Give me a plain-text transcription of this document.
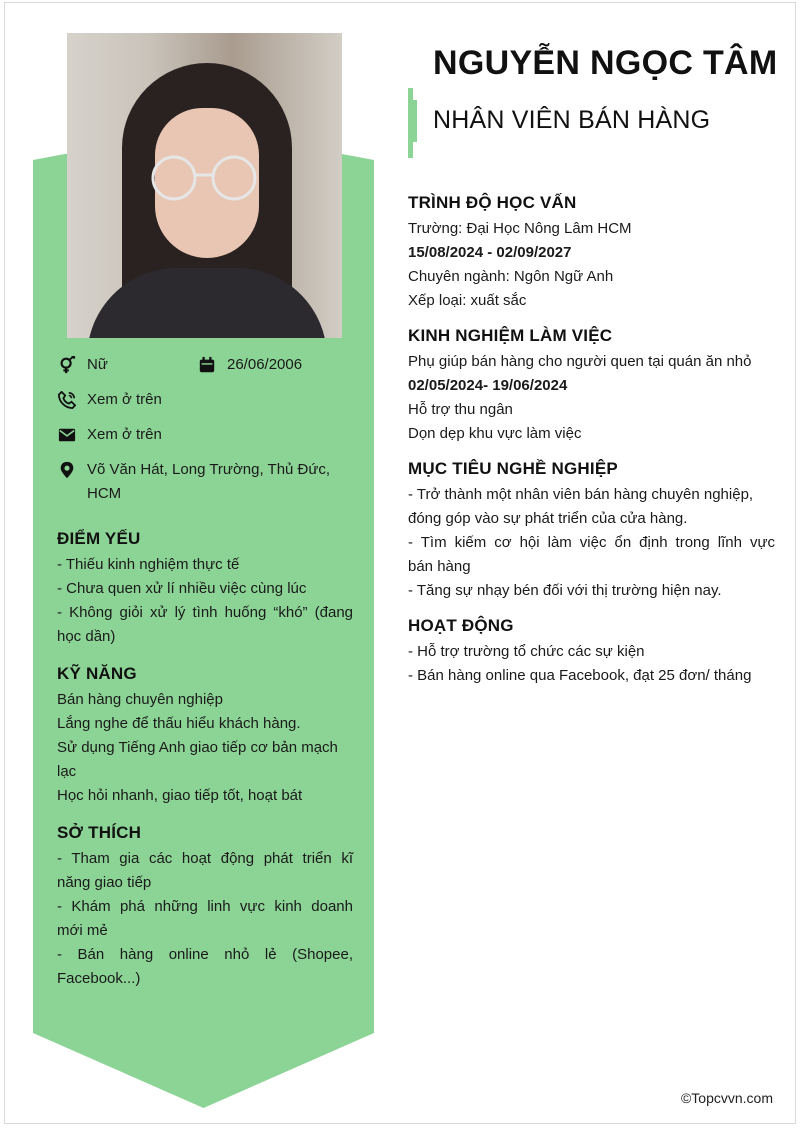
Nữ	26/06/2006
Xem ở trên
Xem ở trên
Võ Văn Hát, Long Trường, Thủ Đức,
HCM
ĐIỂM YẾU
- Thiếu kinh nghiệm thực tế
- Chưa quen xử lí nhiều việc cùng lúc
- Không giỏi xử lý tình huống “khó” (đang
học dần)
KỸ NĂNG
Bán hàng chuyên nghiệp
Lắng nghe để thấu hiểu khách hàng.
Sử dụng Tiếng Anh giao tiếp cơ bản mạch
lạc
Học hỏi nhanh, giao tiếp tốt, hoạt bát
SỞ THÍCH
- Tham gia các hoạt động phát triển kĩ
năng giao tiếp
- Khám phá những linh vực kinh doanh
mới mẻ
- Bán hàng online nhỏ lẻ (Shopee,
Facebook...)
NGUYỄN NGỌC TÂM
NHÂN VIÊN BÁN HÀNG
TRÌNH ĐỘ HỌC VẤN
Trường: Đại Học Nông Lâm HCM
15/08/2024 - 02/09/2027
Chuyên ngành: Ngôn Ngữ Anh
Xếp loại: xuất sắc
KINH NGHIỆM LÀM VIỆC
Phụ giúp bán hàng cho người quen tại quán ăn nhỏ
02/05/2024- 19/06/2024
Hỗ trợ thu ngân
Dọn dẹp khu vực làm việc
MỤC TIÊU NGHỀ NGHIỆP
- Trở thành một nhân viên bán hàng chuyên nghiệp,
đóng góp vào sự phát triển của cửa hàng.
- Tìm kiếm cơ hội làm việc ổn định trong lĩnh vực
bán hàng
- Tăng sự nhạy bén đối với thị trường hiện nay.
HOẠT ĐỘNG
- Hỗ trợ trường tổ chức các sự kiện
- Bán hàng online qua Facebook, đạt 25 đơn/ tháng
©Topcvvn.com
